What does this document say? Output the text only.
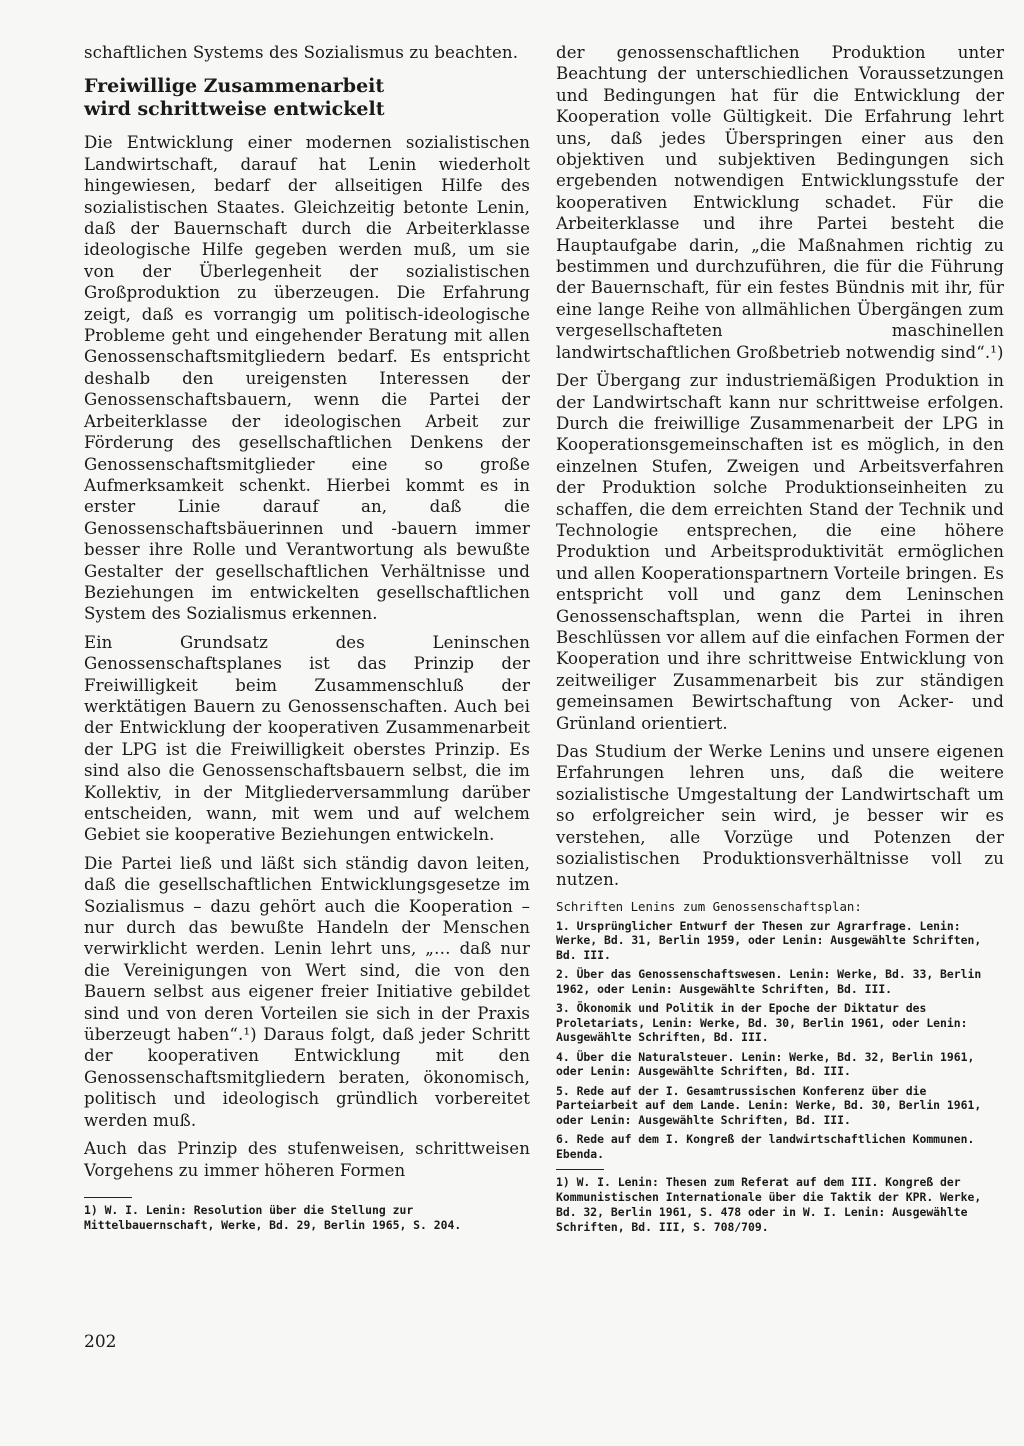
schaftlichen Systems des Sozialismus zu beachten.

Freiwillige Zusammenarbeit
wird schrittweise entwickelt

Die Entwicklung einer modernen sozialistischen Landwirtschaft, darauf hat Lenin wiederholt hingewiesen, bedarf der allseitigen Hilfe des sozialistischen Staates. Gleichzeitig betonte Lenin, daß der Bauernschaft durch die Arbeiterklasse ideologische Hilfe gegeben werden muß, um sie von der Überlegenheit der sozialistischen Großproduktion zu überzeugen. Die Erfahrung zeigt, daß es vorrangig um politisch-ideologische Probleme geht und eingehender Beratung mit allen Genossenschaftsmitgliedern bedarf. Es entspricht deshalb den ureigensten Interessen der Genossenschaftsbauern, wenn die Partei der Arbeiterklasse der ideologischen Arbeit zur Förderung des gesellschaftlichen Denkens der Genossenschaftsmitglieder eine so große Aufmerksamkeit schenkt. Hierbei kommt es in erster Linie darauf an, daß die Genossenschaftsbäuerinnen und -bauern immer besser ihre Rolle und Verantwortung als bewußte Gestalter der gesellschaftlichen Verhältnisse und Beziehungen im entwickelten gesellschaftlichen System des Sozialismus erkennen.

Ein Grundsatz des Leninschen Genossenschaftsplanes ist das Prinzip der Freiwilligkeit beim Zusammenschluß der werktätigen Bauern zu Genossenschaften. Auch bei der Entwicklung der kooperativen Zusammenarbeit der LPG ist die Freiwilligkeit oberstes Prinzip. Es sind also die Genossenschaftsbauern selbst, die im Kollektiv, in der Mitgliederversammlung darüber entscheiden, wann, mit wem und auf welchem Gebiet sie kooperative Beziehungen entwickeln.

Die Partei ließ und läßt sich ständig davon leiten, daß die gesellschaftlichen Entwicklungsgesetze im Sozialismus – dazu gehört auch die Kooperation – nur durch das bewußte Handeln der Menschen verwirklicht werden. Lenin lehrt uns, „… daß nur die Vereinigungen von Wert sind, die von den Bauern selbst aus eigener freier Initiative gebildet sind und von deren Vorteilen sie sich in der Praxis überzeugt haben“.¹) Daraus folgt, daß jeder Schritt der kooperativen Entwicklung mit den Genossenschaftsmitgliedern beraten, ökonomisch, politisch und ideologisch gründlich vorbereitet werden muß.

Auch das Prinzip des stufenweisen, schrittweisen Vorgehens zu immer höheren Formen

1) W. I. Lenin: Resolution über die Stellung zur Mittelbauernschaft, Werke, Bd. 29, Berlin 1965, S. 204.

der genossenschaftlichen Produktion unter Beachtung der unterschiedlichen Voraussetzungen und Bedingungen hat für die Entwicklung der Kooperation volle Gültigkeit. Die Erfahrung lehrt uns, daß jedes Überspringen einer aus den objektiven und subjektiven Bedingungen sich ergebenden notwendigen Entwicklungsstufe der kooperativen Entwicklung schadet. Für die Arbeiterklasse und ihre Partei besteht die Hauptaufgabe darin, „die Maßnahmen richtig zu bestimmen und durchzuführen, die für die Führung der Bauernschaft, für ein festes Bündnis mit ihr, für eine lange Reihe von allmählichen Übergängen zum vergesellschafteten maschinellen landwirtschaftlichen Großbetrieb notwendig sind“.¹)

Der Übergang zur industriemäßigen Produktion in der Landwirtschaft kann nur schrittweise erfolgen. Durch die freiwillige Zusammenarbeit der LPG in Kooperationsgemeinschaften ist es möglich, in den einzelnen Stufen, Zweigen und Arbeitsverfahren der Produktion solche Produktionseinheiten zu schaffen, die dem erreichten Stand der Technik und Technologie entsprechen, die eine höhere Produktion und Arbeitsproduktivität ermöglichen und allen Kooperationspartnern Vorteile bringen. Es entspricht voll und ganz dem Leninschen Genossenschaftsplan, wenn die Partei in ihren Beschlüssen vor allem auf die einfachen Formen der Kooperation und ihre schrittweise Entwicklung von zeitweiliger Zusammenarbeit bis zur ständigen gemeinsamen Bewirtschaftung von Acker- und Grünland orientiert.

Das Studium der Werke Lenins und unsere eigenen Erfahrungen lehren uns, daß die weitere sozialistische Umgestaltung der Landwirtschaft um so erfolgreicher sein wird, je besser wir es verstehen, alle Vorzüge und Potenzen der sozialistischen Produktionsverhältnisse voll zu nutzen.

Schriften Lenins zum Genossenschaftsplan:
1. Ursprünglicher Entwurf der Thesen zur Agrarfrage. Lenin: Werke, Bd. 31, Berlin 1959, oder Lenin: Ausgewählte Schriften, Bd. III.
2. Über das Genossenschaftswesen. Lenin: Werke, Bd. 33, Berlin 1962, oder Lenin: Ausgewählte Schriften, Bd. III.
3. Ökonomik und Politik in der Epoche der Diktatur des Proletariats, Lenin: Werke, Bd. 30, Berlin 1961, oder Lenin: Ausgewählte Schriften, Bd. III.
4. Über die Naturalsteuer. Lenin: Werke, Bd. 32, Berlin 1961, oder Lenin: Ausgewählte Schriften, Bd. III.
5. Rede auf der I. Gesamtrussischen Konferenz über die Parteiarbeit auf dem Lande. Lenin: Werke, Bd. 30, Berlin 1961, oder Lenin: Ausgewählte Schriften, Bd. III.
6. Rede auf dem I. Kongreß der landwirtschaftlichen Kommunen. Ebenda.
1) W. I. Lenin: Thesen zum Referat auf dem III. Kongreß der Kommunistischen Internationale über die Taktik der KPR. Werke, Bd. 32, Berlin 1961, S. 478 oder in W. I. Lenin: Ausgewählte Schriften, Bd. III, S. 708/709.
202
